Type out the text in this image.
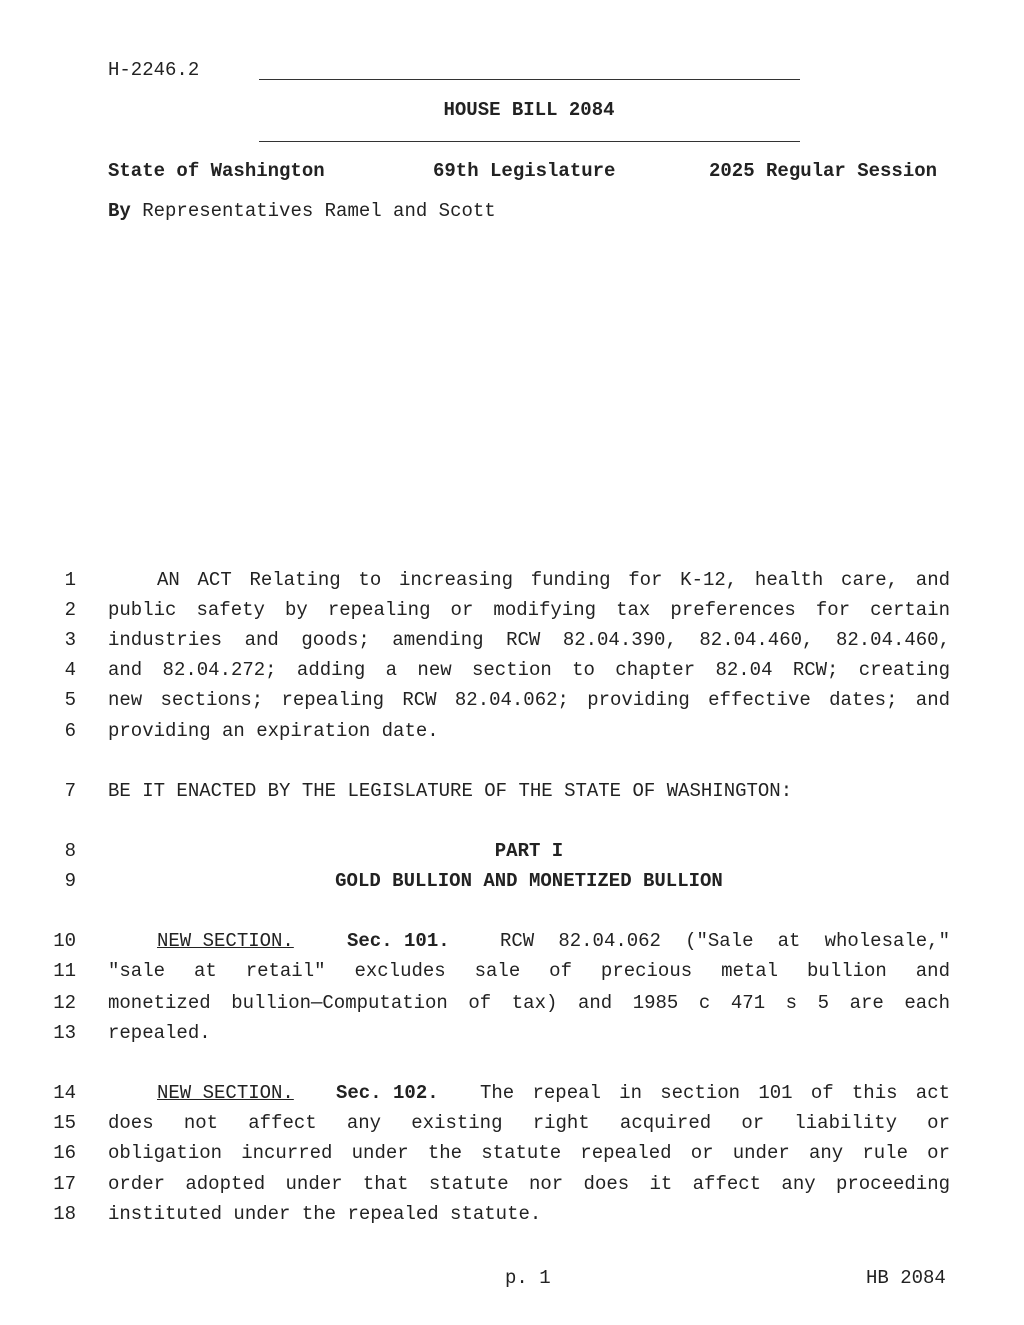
H-2246.2
HOUSE BILL 2084
State of Washington	69th Legislature	2025 Regular Session
By Representatives Ramel and Scott
1
2
3
4
5
6
7
8
9
10
11
12
13
14
15
16
17
18
AN ACT Relating to increasing funding for K-12, health care, and
public safety by repealing or modifying tax preferences for certain
industries and goods; amending RCW 82.04.390, 82.04.460, 82.04.460,
and 82.04.272; adding a new section to chapter 82.04 RCW; creating
new sections; repealing RCW 82.04.062; providing effective dates; and
providing an expiration date.
BE IT ENACTED BY THE LEGISLATURE OF THE STATE OF WASHINGTON:
PART I
GOLD BULLION AND MONETIZED BULLION
NEW SECTION.	Sec. 101.	RCW 82.04.062 ("Sale at wholesale,"
"sale at retail" excludes sale of precious metal bullion and
monetized bullion—Computation of tax) and 1985 c 471 s 5 are each
repealed.
NEW SECTION. Sec. 102. The repeal in section 101 of this act
does not affect any existing right acquired or liability or
obligation incurred under the statute repealed or under any rule or
order adopted under that statute nor does it affect any proceeding
instituted under the repealed statute.
p. 1	HB 2084
